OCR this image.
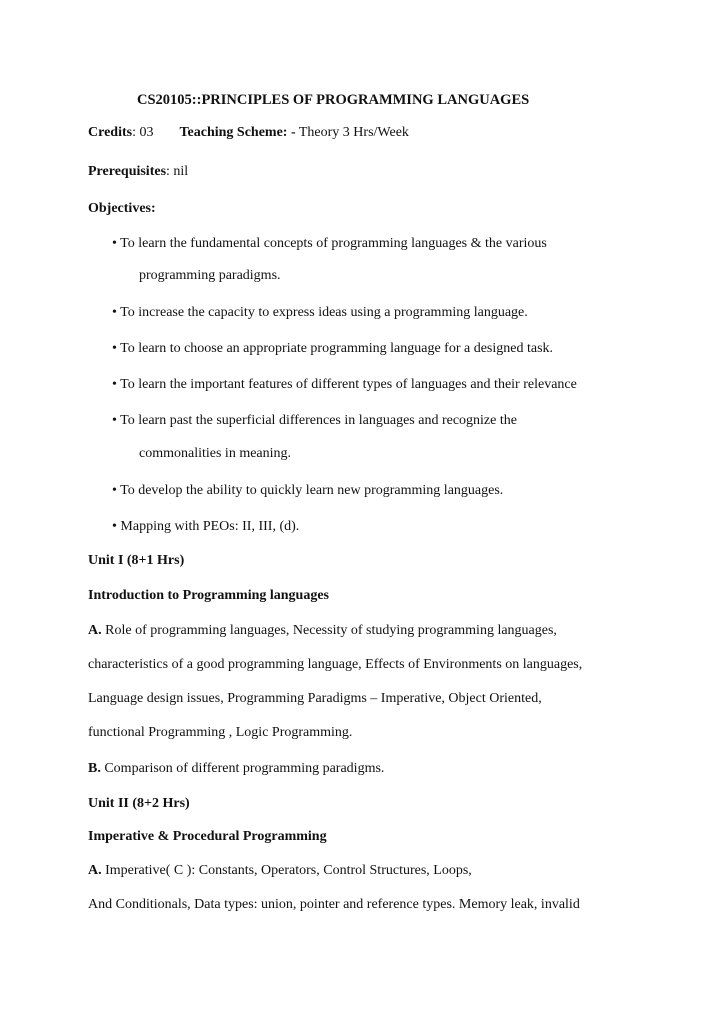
CS20105::PRINCIPLES OF PROGRAMMING LANGUAGES
Credits: 03 Teaching Scheme: - Theory 3 Hrs/Week
Prerequisites: nil
Objectives:
• To learn the fundamental concepts of programming languages & the various
programming paradigms.
• To increase the capacity to express ideas using a programming language.
• To learn to choose an appropriate programming language for a designed task.
• To learn the important features of different types of languages and their relevance
• To learn past the superficial differences in languages and recognize the
commonalities in meaning.
• To develop the ability to quickly learn new programming languages.
• Mapping with PEOs: II, III, (d).
Unit I (8+1 Hrs)
Introduction to Programming languages
A. Role of programming languages, Necessity of studying programming languages,
characteristics of a good programming language, Effects of Environments on languages,
Language design issues, Programming Paradigms – Imperative, Object Oriented,
functional Programming , Logic Programming.
B. Comparison of different programming paradigms.
Unit II (8+2 Hrs)
Imperative & Procedural Programming
A. Imperative( C ): Constants, Operators, Control Structures, Loops,
And Conditionals, Data types: union, pointer and reference types. Memory leak, invalid
